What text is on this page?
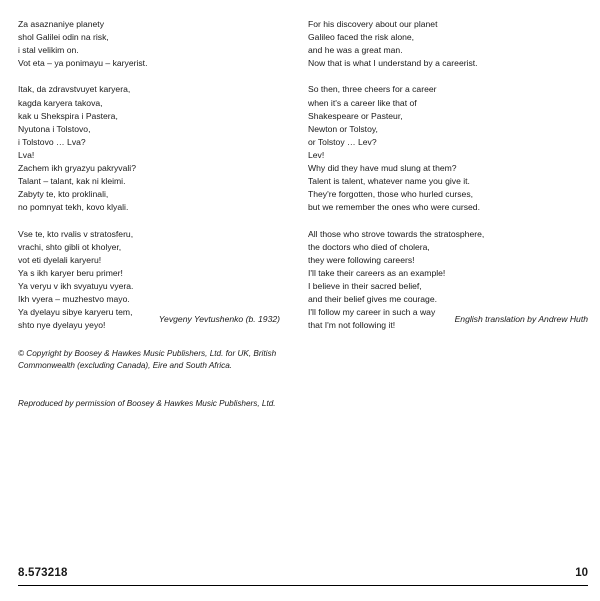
Za asaznaniye planety
shol Galilei odin na risk,
i stal velikim on.
Vot eta – ya ponimayu – karyerist.
Itak, da zdravstvuyet karyera,
kagda karyera takova,
kak u Shekspira i Pastera,
Nyutona i Tolstovo,
i Tolstovo … Lva?
Lva!
Zachem ikh gryazyu pakryvali?
Talant – talant, kak ni kleimi.
Zabyty te, kto proklinali,
no pomnyat tekh, kovo klyali.
Vse te, kto rvalis v stratosferu,
vrachi, shto gibli ot kholyer,
vot eti dyelali karyeru!
Ya s ikh karyer beru primer!
Ya veryu v ikh svyatuyu vyera.
Ikh vyera – muzhestvo mayo.
Ya dyelayu sibye karyeru tem,
shto nye dyelayu yeyo!
For his discovery about our planet
Galileo faced the risk alone,
and he was a great man.
Now that is what I understand by a careerist.
So then, three cheers for a career
when it's a career like that of
Shakespeare or Pasteur,
Newton or Tolstoy,
or Tolstoy … Lev?
Lev!
Why did they have mud slung at them?
Talent is talent, whatever name you give it.
They're forgotten, those who hurled curses,
but we remember the ones who were cursed.
All those who strove towards the stratosphere,
the doctors who died of cholera,
they were following careers!
I'll take their careers as an example!
I believe in their sacred belief,
and their belief gives me courage.
I'll follow my career in such a way
that I'm not following it!
Yevgeny Yevtushenko (b. 1932)	English translation by Andrew Huth
© Copyright by Boosey & Hawkes Music Publishers, Ltd. for UK, British Commonwealth (excluding Canada), Eire and South Africa.
Reproduced by permission of Boosey & Hawkes Music Publishers, Ltd.
8.573218	10
